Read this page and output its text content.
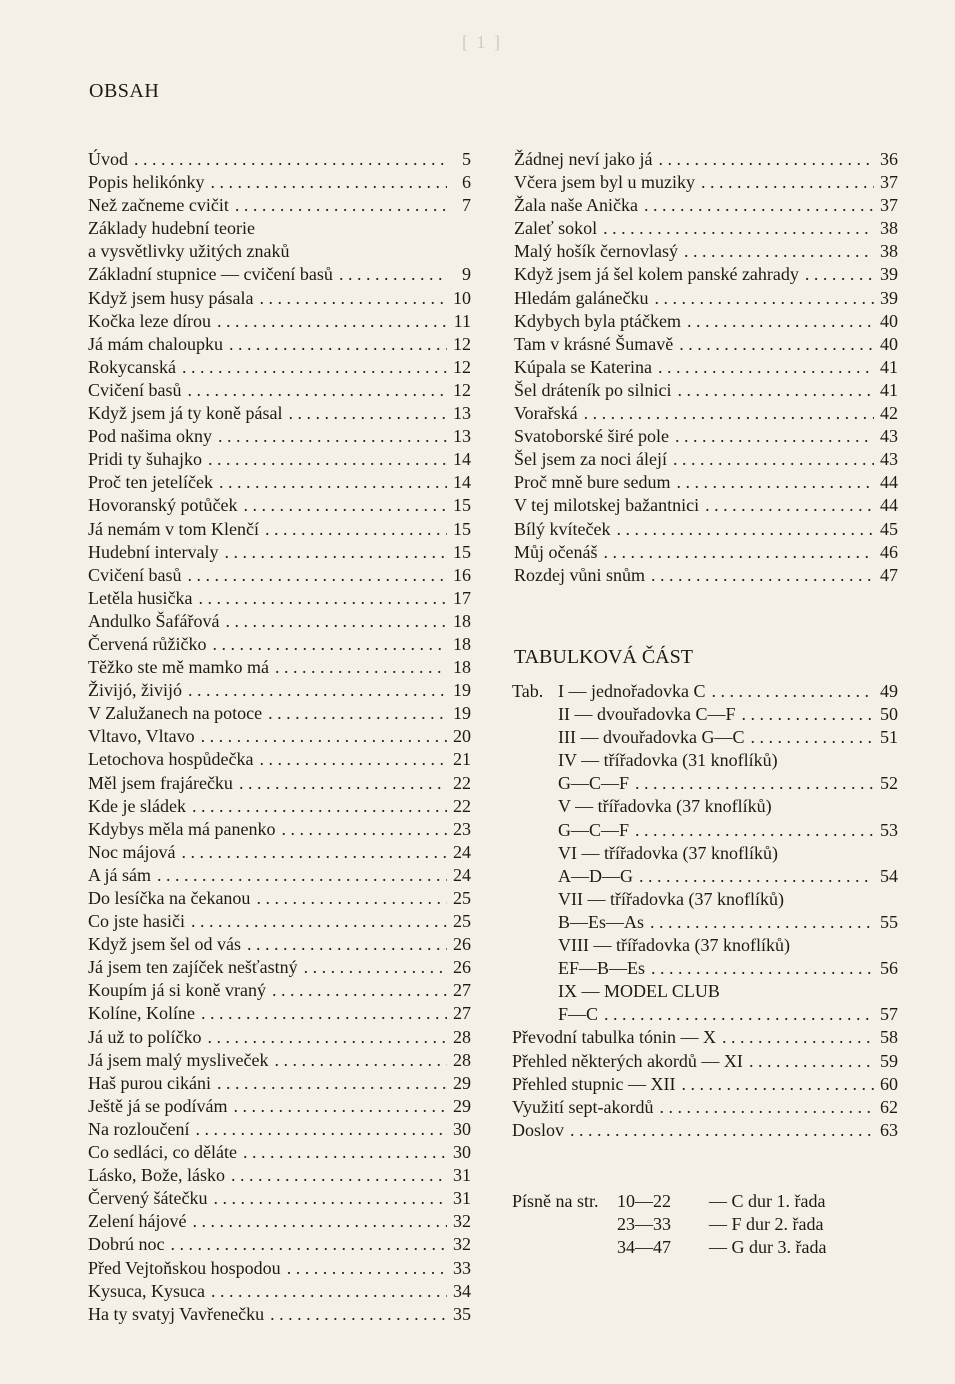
[ 1 ]
OBSAH
Úvod . . .	5
Popis helikónky . . .	6
Než začneme cvičit . . .	7
Základy hudební teorie
a vysvětlivky užitých znaků
Základní stupnice — cvičení basů . . .	9
Když jsem husy pásala . . .	10
Kočka leze dírou . . .	11
Já mám chaloupku . . .	12
Rokycanská . . .	12
Cvičení basů . . .	12
Když jsem já ty koně pásal . . .	13
Pod našima okny . . .	13
Pridi ty šuhajko . . .	14
Proč ten jetelíček . . .	14
Hovoranský potůček . . .	15
Já nemám v tom Klenčí . . .	15
Hudební intervaly . . .	15
Cvičení basů . . .	16
Letěla husička . . .	17
Andulko Šafářová . . .	18
Červená růžičko . . .	18
Těžko ste mě mamko má . . .	18
Živijó, živijó . . .	19
V Zalužanech na potoce . . .	19
Vltavo, Vltavo . . .	20
Letochova hospůdečka . . .	21
Měl jsem frajárečku . . .	22
Kde je sládek . . .	22
Kdybys měla má panenko . . .	23
Noc májová . . .	24
A já sám . . .	24
Do lesíčka na čekanou . . .	25
Co jste hasiči . . .	25
Když jsem šel od vás . . .	26
Já jsem ten zajíček nešťastný . . .	26
Koupím já si koně vraný . . .	27
Kolíne, Kolíne . . .	27
Já už to políčko . . .	28
Já jsem malý mysliveček . . .	28
Haš purou cikáni . . .	29
Ještě já se podívám . . .	29
Na rozloučení . . .	30
Co sedláci, co děláte . . .	30
Lásko, Bože, lásko . . .	31
Červený šátečku . . .	31
Zelení hájové . . .	32
Dobrú noc . . .	32
Před Vejtoňskou hospodou . . .	33
Kysuca, Kysuca . . .	34
Ha ty svatyj Vavřenečku . . .	35
Žádnej neví jako já . . .	36
Včera jsem byl u muziky . . .	37
Žala naše Anička . . .	37
Zaleť sokol . . .	38
Malý hošík černovlasý . . .	38
Když jsem já šel kolem panské zahrady . . .	39
Hledám galánečku . . .	39
Kdybych byla ptáčkem . . .	40
Tam v krásné Šumavě . . .	40
Kúpala se Katerina . . .	41
Šel dráteník po silnici . . .	41
Vorařská . . .	42
Svatoborské širé pole . . .	43
Šel jsem za noci álejí . . .	43
Proč mně bure sedum . . .	44
V tej milotskej bažantnici . . .	44
Bílý kvíteček . . .	45
Můj očenáš . . .	46
Rozdej vůni snům . . .	47
TABULKOVÁ ČÁST
Tab. I — jednořadovka C . . .	49
II — dvouřadovka C—F . . .	50
III — dvouřadovka G—C . . .	51
IV — třířadovka (31 knoflíků)
G—C—F . . .	52
V — třířadovka (37 knoflíků)
G—C—F . . .	53
VI — třířadovka (37 knoflíků)
A—D—G . . .	54
VII — třířadovka (37 knoflíků)
B—Es—As . . .	55
VIII — třířadovka (37 knoflíků)
EF—B—Es . . .	56
IX — MODEL CLUB
F—C . . .	57
Převodní tabulka tónin — X . . .	58
Přehled některých akordů — XI . . .	59
Přehled stupnic — XII . . .	60
Využití sept-akordů . . .	62
Doslov . . .	63
Písně na str.	10—22	— C dur 1. řada
23—33	— F dur 2. řada
34—47	— G dur 3. řada
